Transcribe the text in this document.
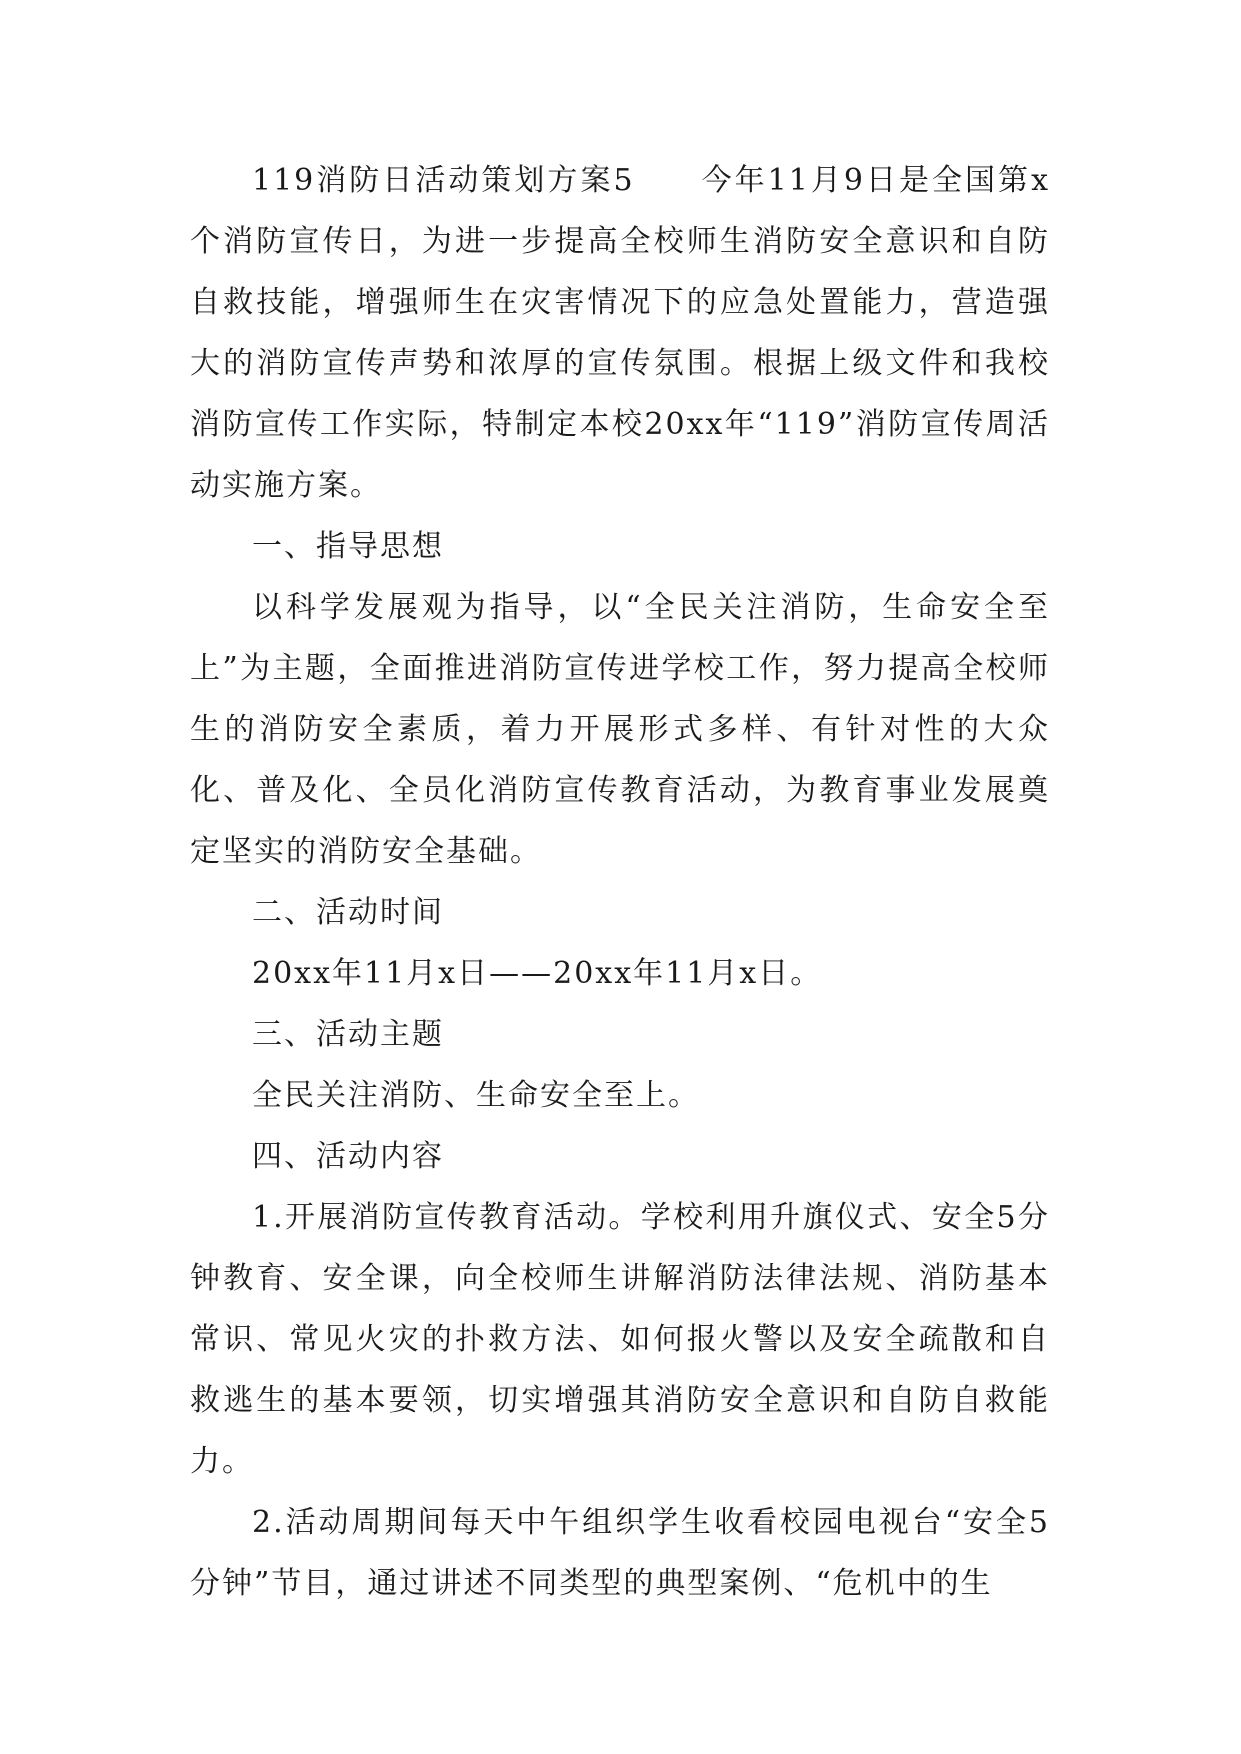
119消防日活动策划方案5　　今年11月9日是全国第x个消防宣传日，为进一步提高全校师生消防安全意识和自防自救技能，增强师生在灾害情况下的应急处置能力，营造强大的消防宣传声势和浓厚的宣传氛围。根据上级文件和我校消防宣传工作实际，特制定本校20xx年“119”消防宣传周活动实施方案。

一、指导思想

以科学发展观为指导，以“全民关注消防，生命安全至上”为主题，全面推进消防宣传进学校工作，努力提高全校师生的消防安全素质，着力开展形式多样、有针对性的大众化、普及化、全员化消防宣传教育活动，为教育事业发展奠定坚实的消防安全基础。

二、活动时间

20xx年11月x日——20xx年11月x日。

三、活动主题

全民关注消防、生命安全至上。

四、活动内容

1.开展消防宣传教育活动。学校利用升旗仪式、安全5分钟教育、安全课，向全校师生讲解消防法律法规、消防基本常识、常见火灾的扑救方法、如何报火警以及安全疏散和自救逃生的基本要领，切实增强其消防安全意识和自防自救能力。

2.活动周期间每天中午组织学生收看校园电视台“安全5分钟”节目，通过讲述不同类型的典型案例、“危机中的生
